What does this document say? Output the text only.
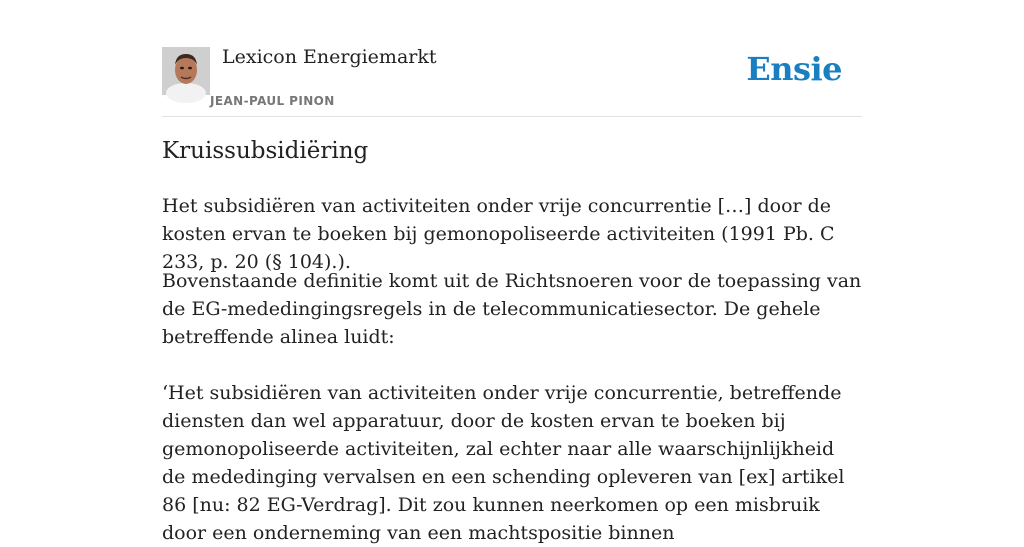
Lexicon Energiemarkt
JEAN-PAUL PINON
Ensie
Kruissubsidiëring

Het subsidiëren van activiteiten onder vrije concurrentie […] door de kosten ervan te boeken bij gemonopoliseerde activiteiten (1991 Pb. C 233, p. 20 (§ 104).).

Bovenstaande definitie komt uit de Richtsnoeren voor de toepassing van de EG-mededingingsregels in de telecommunicatiesector. De gehele betreffende alinea luidt:

‘Het subsidiëren van activiteiten onder vrije concurrentie, betreffende diensten dan wel apparatuur, door de kosten ervan te boeken bij gemonopoliseerde activiteiten, zal echter naar alle waarschijnlijkheid de mededinging vervalsen en een schending opleveren van [ex] artikel 86 [nu: 82 EG-Verdrag]. Dit zou kunnen neerkomen op een misbruik door een onderneming van een machtspositie binnen
